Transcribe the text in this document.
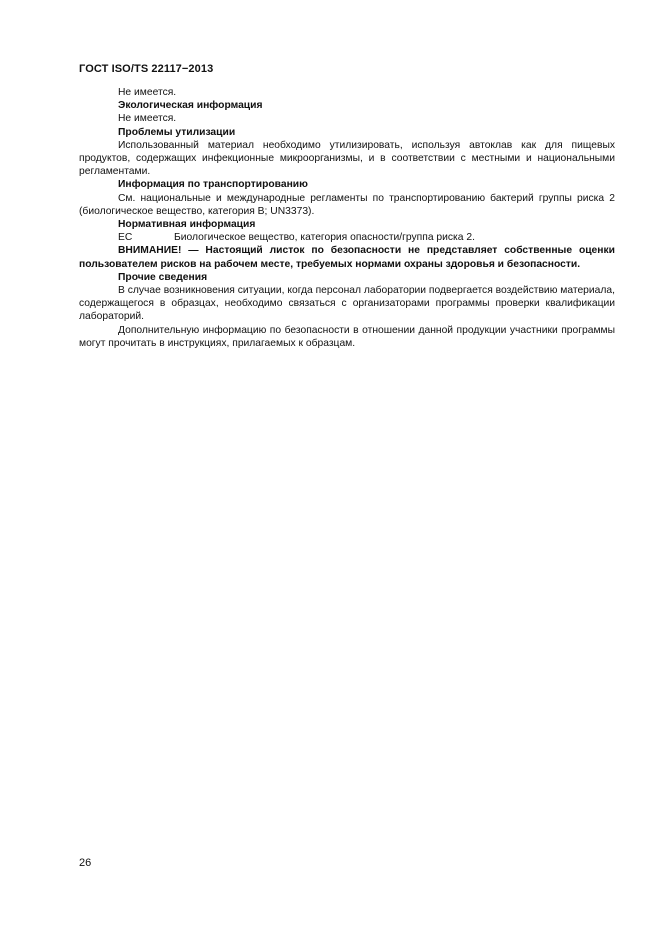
ГОСТ ISO/TS 22117−2013

Не имеется.

Экологическая информация

Не имеется.

Проблемы утилизации

Использованный материал необходимо утилизировать, используя автоклав как для пищевых продуктов, содержащих инфекционные микроорганизмы, и в соответствии с местными и национальными регламентами.

Информация по транспортированию

См. национальные и международные регламенты по транспортированию бактерий группы риска 2 (биологическое вещество, категория B; UN3373).

Нормативная информация

ЕС	Биологическое вещество, категория опасности/группа риска 2.

ВНИМАНИЕ! — Настоящий листок по безопасности не представляет собственные оценки пользователем рисков на рабочем месте, требуемых нормами охраны здоровья и безопасности.

Прочие сведения

В случае возникновения ситуации, когда персонал лаборатории подвергается воздействию материала, содержащегося в образцах, необходимо связаться с организаторами программы проверки квалификации лабораторий.

Дополнительную информацию по безопасности в отношении данной продукции участники программы могут прочитать в инструкциях, прилагаемых к образцам.

26
